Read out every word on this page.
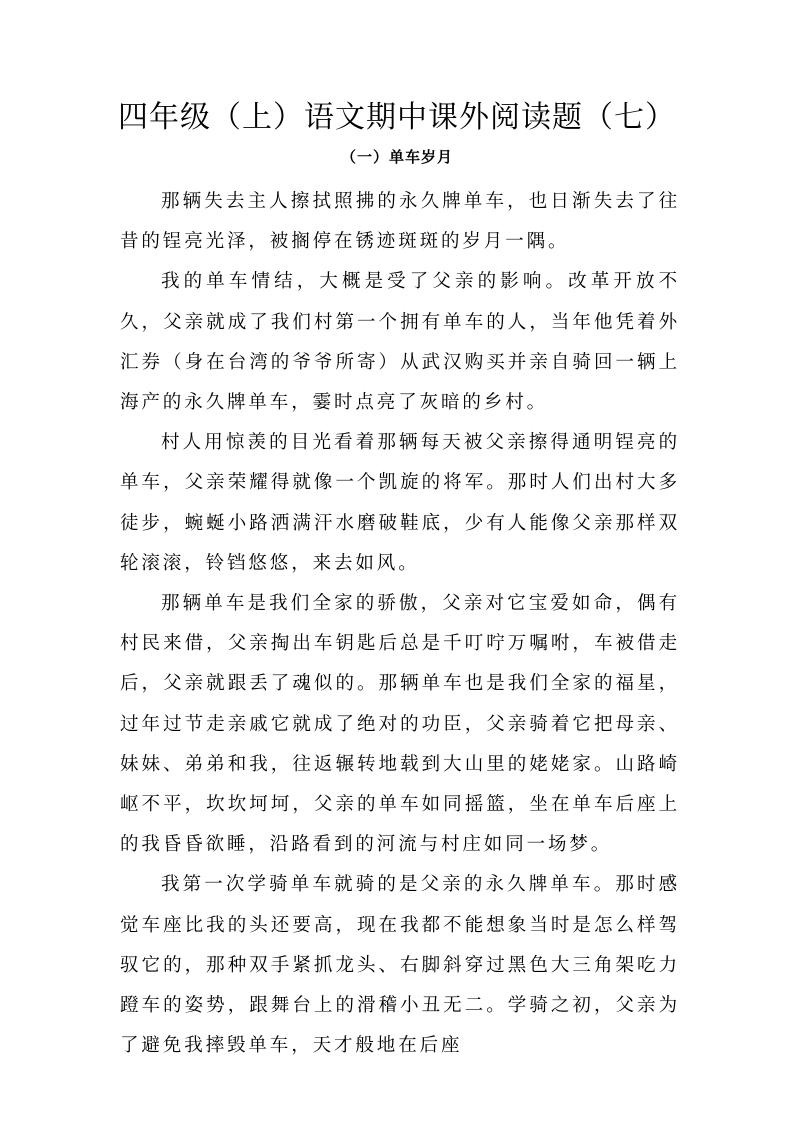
四年级（上）语文期中课外阅读题（七）
（一）单车岁月

那辆失去主人擦拭照拂的永久牌单车，也日渐失去了往昔的锃亮光泽，被搁停在锈迹斑斑的岁月一隅。

我的单车情结，大概是受了父亲的影响。改革开放不久，父亲就成了我们村第一个拥有单车的人，当年他凭着外汇券（身在台湾的爷爷所寄）从武汉购买并亲自骑回一辆上海产的永久牌单车，霎时点亮了灰暗的乡村。

村人用惊羡的目光看着那辆每天被父亲擦得通明锃亮的单车，父亲荣耀得就像一个凯旋的将军。那时人们出村大多徒步，蜿蜒小路洒满汗水磨破鞋底，少有人能像父亲那样双轮滚滚，铃铛悠悠，来去如风。

那辆单车是我们全家的骄傲，父亲对它宝爱如命，偶有村民来借，父亲掏出车钥匙后总是千叮咛万嘱咐，车被借走后，父亲就跟丢了魂似的。那辆单车也是我们全家的福星，过年过节走亲戚它就成了绝对的功臣，父亲骑着它把母亲、妹妹、弟弟和我，往返辗转地载到大山里的姥姥家。山路崎岖不平，坎坎坷坷，父亲的单车如同摇篮，坐在单车后座上的我昏昏欲睡，沿路看到的河流与村庄如同一场梦。

我第一次学骑单车就骑的是父亲的永久牌单车。那时感觉车座比我的头还要高，现在我都不能想象当时是怎么样驾驭它的，那种双手紧抓龙头、右脚斜穿过黑色大三角架吃力蹬车的姿势，跟舞台上的滑稽小丑无二。学骑之初，父亲为了避免我摔毁单车，天才般地在后座
